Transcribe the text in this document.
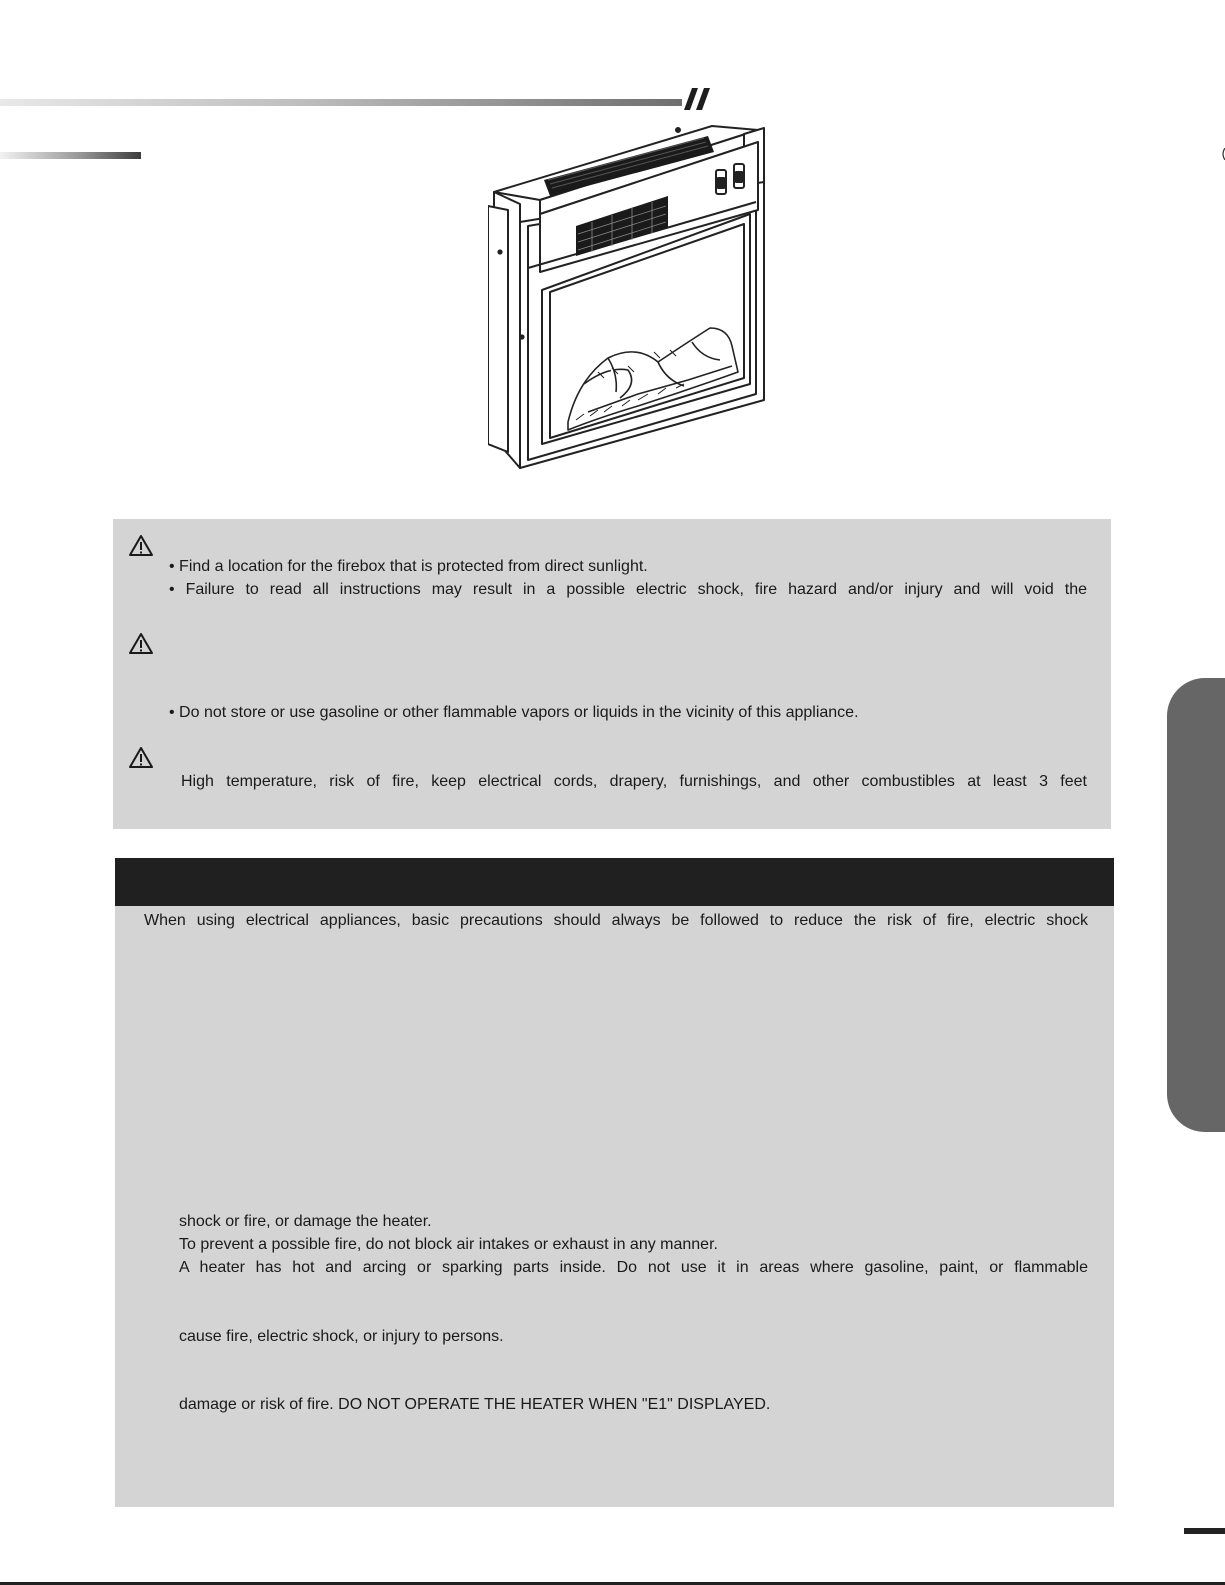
• Find a location for the firebox that is protected from direct sunlight.
• Failure to read all instructions may result in a possible electric shock, fire hazard and/or injury and will void the
• Do not store or use gasoline or other flammable vapors or liquids in the vicinity of this appliance.
High temperature, risk of fire, keep electrical cords, drapery, furnishings, and other combustibles at least 3 feet
When using electrical appliances, basic precautions should always be followed to reduce the risk of fire, electric shock
shock or fire, or damage the heater.
To prevent a possible fire, do not block air intakes or exhaust in any manner.
A heater has hot and arcing or sparking parts inside. Do not use it in areas where gasoline, paint, or flammable
cause fire, electric shock, or injury to persons.
damage or risk of fire. DO NOT OPERATE THE HEATER WHEN "E1" DISPLAYED.
